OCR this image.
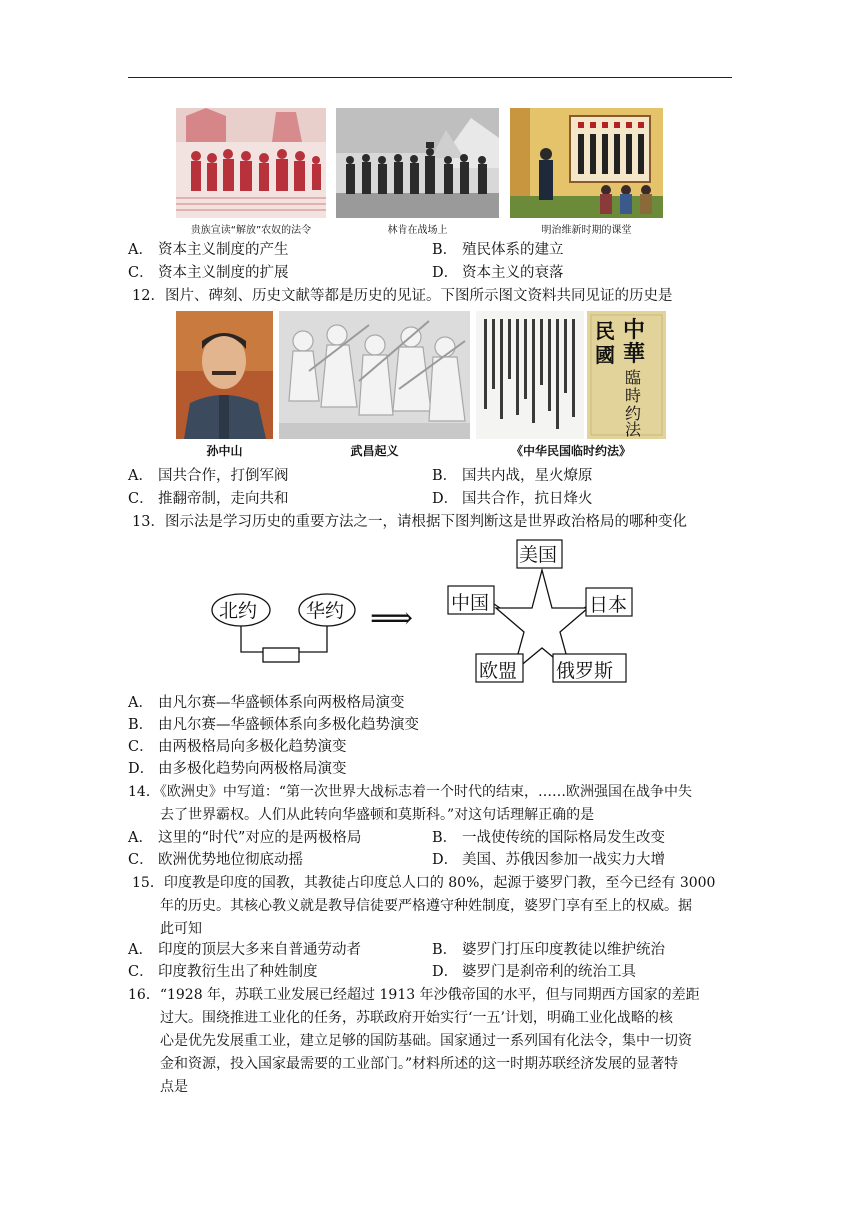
贵族宣读“解放”农奴的法令	林肯在战场上	明治维新时期的课堂
A． 资本主义制度的产生	B． 殖民体系的建立
C． 资本主义制度的扩展	D． 资本主义的衰落
12．图片、碑刻、历史文献等都是历史的见证。下图所示图文资料共同见证的历史是
孙中山	武昌起义
中
華
民
國
臨
時
约
法
《中华民国临时约法》
A． 国共合作，打倒军阀	B． 国共内战，星火燎原
C． 推翻帝制，走向共和	D． 国共合作，抗日烽火
13．图示法是学习历史的重要方法之一，请根据下图判断这是世界政治格局的哪种变化
北约	华约 ⟹
美国
中国	日本
欧盟 俄罗斯
A． 由凡尔赛—华盛顿体系向两极格局演变
B． 由凡尔赛—华盛顿体系向多极化趋势演变
C． 由两极格局向多极化趋势演变
D． 由多极化趋势向两极格局演变
14．《欧洲史》中写道：“第一次世界大战标志着一个时代的结束，……欧洲强国在战争中失
去了世界霸权。人们从此转向华盛顿和莫斯科。”对这句话理解正确的是
A． 这里的“时代”对应的是两极格局	B． 一战使传统的国际格局发生改变
C． 欧洲优势地位彻底动摇	D． 美国、苏俄因参加一战实力大增
15．印度教是印度的国教，其教徒占印度总人口的 80%，起源于婆罗门教，至今已经有 3000
年的历史。其核心教义就是教导信徒要严格遵守种姓制度，婆罗门享有至上的权威。据
此可知
A． 印度的顶层大多来自普通劳动者	B． 婆罗门打压印度教徒以维护统治
C． 印度教衍生出了种姓制度	D． 婆罗门是刹帝利的统治工具
16．“1928 年，苏联工业发展已经超过 1913 年沙俄帝国的水平，但与同期西方国家的差距
过大。围绕推进工业化的任务，苏联政府开始实行‘一五’计划，明确工业化战略的核
心是优先发展重工业，建立足够的国防基础。国家通过一系列国有化法令，集中一切资
金和资源，投入国家最需要的工业部门。”材料所述的这一时期苏联经济发展的显著特
点是
